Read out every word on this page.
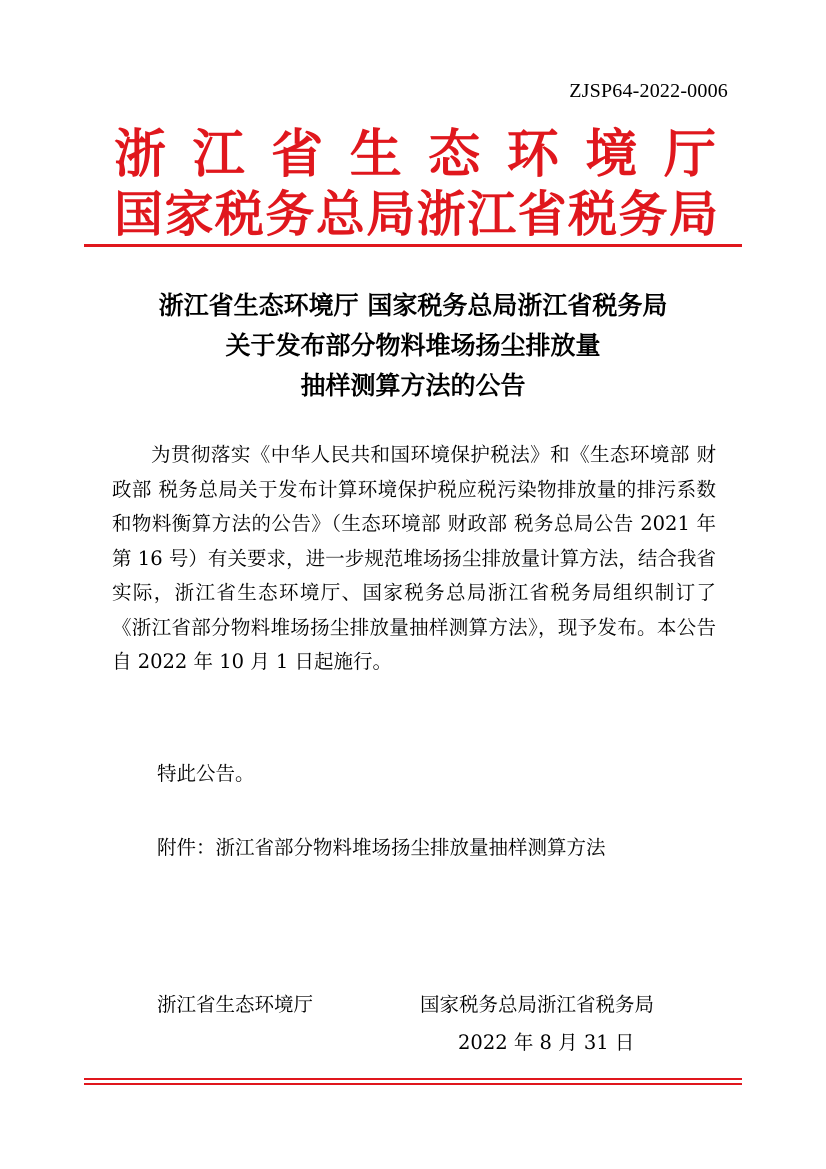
ZJSP64-2022-0006
浙江省生态环境厅
国家税务总局浙江省税务局
浙江省生态环境厅 国家税务总局浙江省税务局
关于发布部分物料堆场扬尘排放量
抽样测算方法的公告

为贯彻落实《中华人民共和国环境保护税法》和《生态环境部 财政部 税务总局关于发布计算环境保护税应税污染物排放量的排污系数和物料衡算方法的公告》（生态环境部 财政部 税务总局公告 2021 年第 16 号）有关要求，进一步规范堆场扬尘排放量计算方法，结合我省实际，浙江省生态环境厅、国家税务总局浙江省税务局组织制订了《浙江省部分物料堆场扬尘排放量抽样测算方法》，现予发布。本公告自 2022 年 10 月 1 日起施行。

特此公告。
附件：浙江省部分物料堆场扬尘排放量抽样测算方法
浙江省生态环境厅	国家税务总局浙江省税务局
2022 年 8 月 31 日
